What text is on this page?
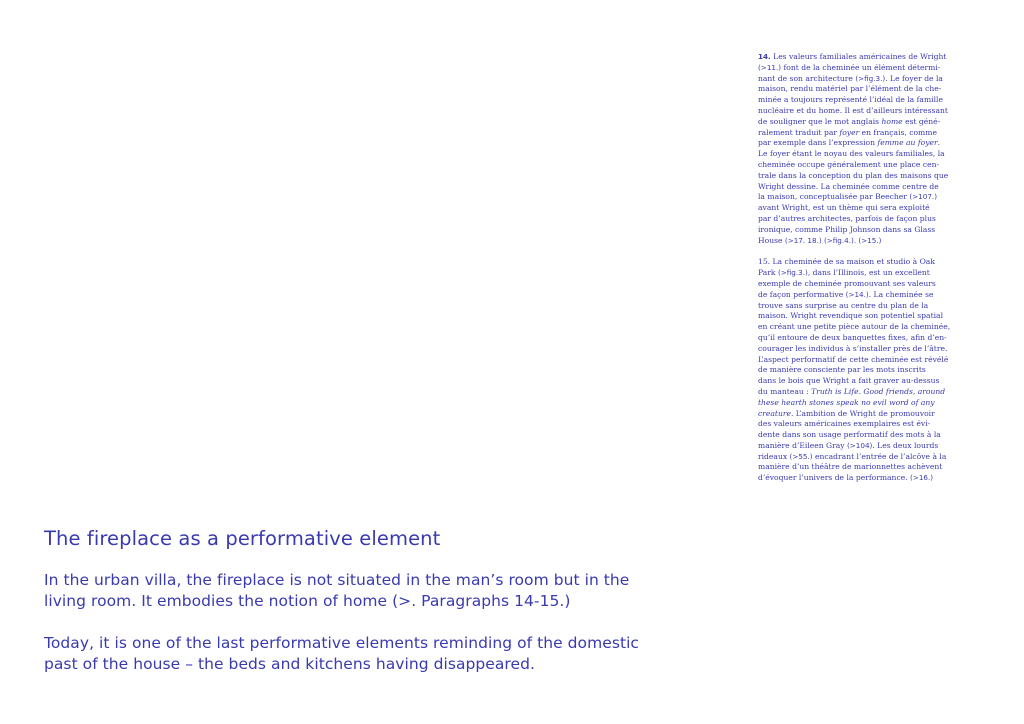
14. Les valeurs familiales américaines de Wright
(>11.) font de la cheminée un élément détermi-
nant de son architecture (>fig.3.). Le foyer de la
maison, rendu matériel par l’élément de la che-
minée a toujours représenté l’idéal de la famille
nucléaire et du home. Il est d’ailleurs intéressant
de souligner que le mot anglais home est géné-
ralement traduit par foyer en français, comme
par exemple dans l’expression femme au foyer.
Le foyer étant le noyau des valeurs familiales, la
cheminée occupe généralement une place cen-
trale dans la conception du plan des maisons que
Wright dessine. La cheminée comme centre de
la maison, conceptualisée par Beecher (>107.)
avant Wright, est un thème qui sera exploité
par d’autres architectes, parfois de façon plus
ironique, comme Philip Johnson dans sa Glass
House (>17. 18.) (>fig.4.). (>15.)
15. La cheminée de sa maison et studio à Oak
Park (>fig.3.), dans l’Illinois, est un excellent
exemple de cheminée promouvant ses valeurs
de façon performative (>14.). La cheminée se
trouve sans surprise au centre du plan de la
maison. Wright revendique son potentiel spatial
en créant une petite pièce autour de la cheminée,
qu’il entoure de deux banquettes fixes, afin d’en-
courager les individus à s’installer près de l’âtre.
L’aspect performatif de cette cheminée est révélé
de manière consciente par les mots inscrits
dans le bois que Wright a fait graver au-dessus
du manteau : Truth is Life. Good friends, around
these hearth stones speak no evil word of any
creature. L’ambition de Wright de promouvoir
des valeurs américaines exemplaires est évi-
dente dans son usage performatif des mots à la
manière d’Eileen Gray (>104). Les deux lourds
rideaux (>55.) encadrant l’entrée de l’alcôve à la
manière d’un théâtre de marionnettes achèvent
d’évoquer l’univers de la performance. (>16.)
The fireplace as a performative element
In the urban villa, the fireplace is not situated in the man’s room but in the
living room. It embodies the notion of home (>. Paragraphs 14-15.)
Today, it is one of the last performative elements reminding of the domestic
past of the house – the beds and kitchens having disappeared.
